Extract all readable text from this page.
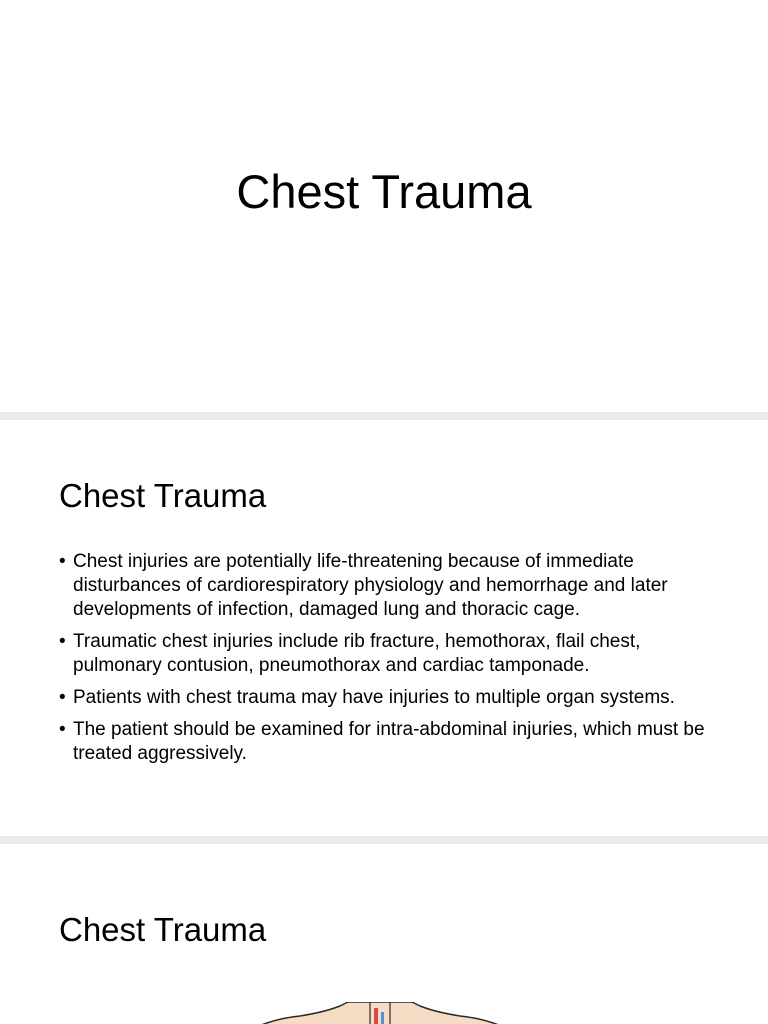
Chest Trauma
Chest Trauma
• Chest injuries are potentially life-threatening because of immediate disturbances of cardiorespiratory physiology and hemorrhage and later developments of infection, damaged lung and thoracic cage.
• Traumatic chest injuries include rib fracture, hemothorax, flail chest, pulmonary contusion, pneumothorax and cardiac tamponade.
• Patients with chest trauma may have injuries to multiple organ systems.
• The patient should be examined for intra-abdominal injuries, which must be treated aggressively.
Chest Trauma
